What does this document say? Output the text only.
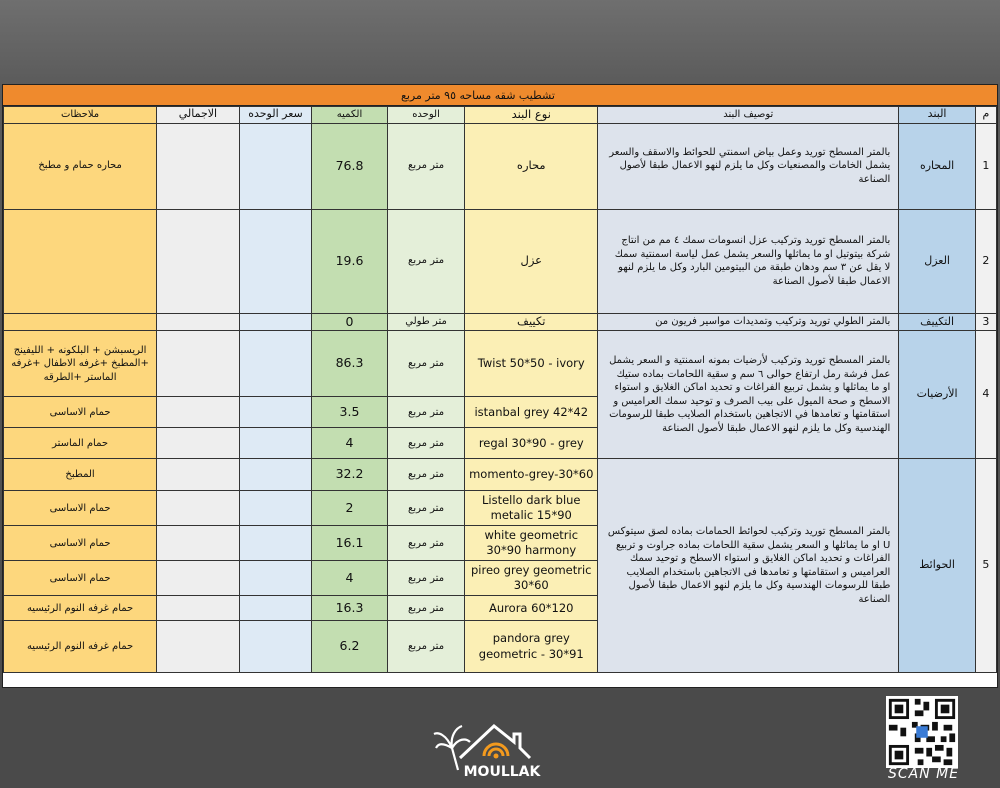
تشطيب شقه مساحه ٩٥ متر مربع
م	البند	توصيف البند	نوع البند	الوحده	الكميه	سعر الوحده	الاجمالي	ملاحظات
1	المحاره	بالمتر المسطح توريد وعمل بياض اسمنتي للحوائط والاسقف والسعر يشمل الخامات والمصنعيات وكل ما يلزم لنهو الاعمال طبقا لأصول الصناعة	محاره	متر مربع	76.8			محاره حمام و مطبخ
2	العزل	بالمتر المسطح توريد وتركيب عزل انسومات سمك ٤ مم من انتاج شركة بيتوتيل او ما يماثلها والسعر يشمل عمل لياسة اسمنتية سمك لا يقل عن ٣ سم ودهان طبقة من البيتومين البارد وكل ما يلزم لنهو الاعمال طبقا لأصول الصناعة	عزل	متر مربع	19.6			
3	التكييف	بالمتر الطولي توريد وتركيب وتمديدات مواسير فريون من	تكييف	متر طولي	0			
4	الأرضيات	بالمتر المسطح توريد وتركيب لأرضيات بمونه اسمنتية و السعر يشمل عمل فرشة رمل ارتفاع حوالى ٦ سم و سقية اللحامات بماده ستيك او ما يماثلها و يشمل تربيع الفراغات و تحديد اماكن الغلايق و استواء الاسطح و صحة الميول على بيب الصرف و توحيد سمك العراميس و استقامتها و تعامدها في الاتجاهين باستخدام الصلايب طبقا للرسومات الهندسية وكل ما يلزم لنهو الاعمال طبقا لأصول الصناعة	Twist 50*50 - ivory	متر مربع	86.3			الريسبشن + البلكونه + الليفينج +المطبخ +غرفه الاطفال +غرفه الماستر +الطرقه
			istanbal grey 42*42	متر مربع	3.5			حمام الاساسى
			regal 30*90 - grey	متر مربع	4			حمام الماستر
5	الحوائط	بالمتر المسطح توريد وتركيب لحوائط الحمامات بماده لصق سيتوكس U او ما يماثلها و السعر يشمل سقية اللحامات بماده جراوت و تربيع الفراغات و تحديد اماكن الغلايق و استواء الاسطح و توحيد سمك العراميس و استقامتها و تعامدها فى الاتجاهين باستخدام الصلايب طبقا للرسومات الهندسية وكل ما يلزم لنهو الاعمال طبقا لأصول الصناعة	momento-grey-30*60	متر مربع	32.2			المطبخ
			Listello dark blue metalic 15*90	متر مربع	2			حمام الاساسى
			white geometric 30*90 harmony	متر مربع	16.1			حمام الاساسى
			pireo grey geometric 30*60	متر مربع	4			حمام الاساسى
			Aurora 60*120	متر مربع	16.3			حمام غرفه النوم الرئيسيه
			pandora grey geometric - 30*91	متر مربع	6.2			حمام غرفه النوم الرئيسيه
MOULLAK	SCAN ME
